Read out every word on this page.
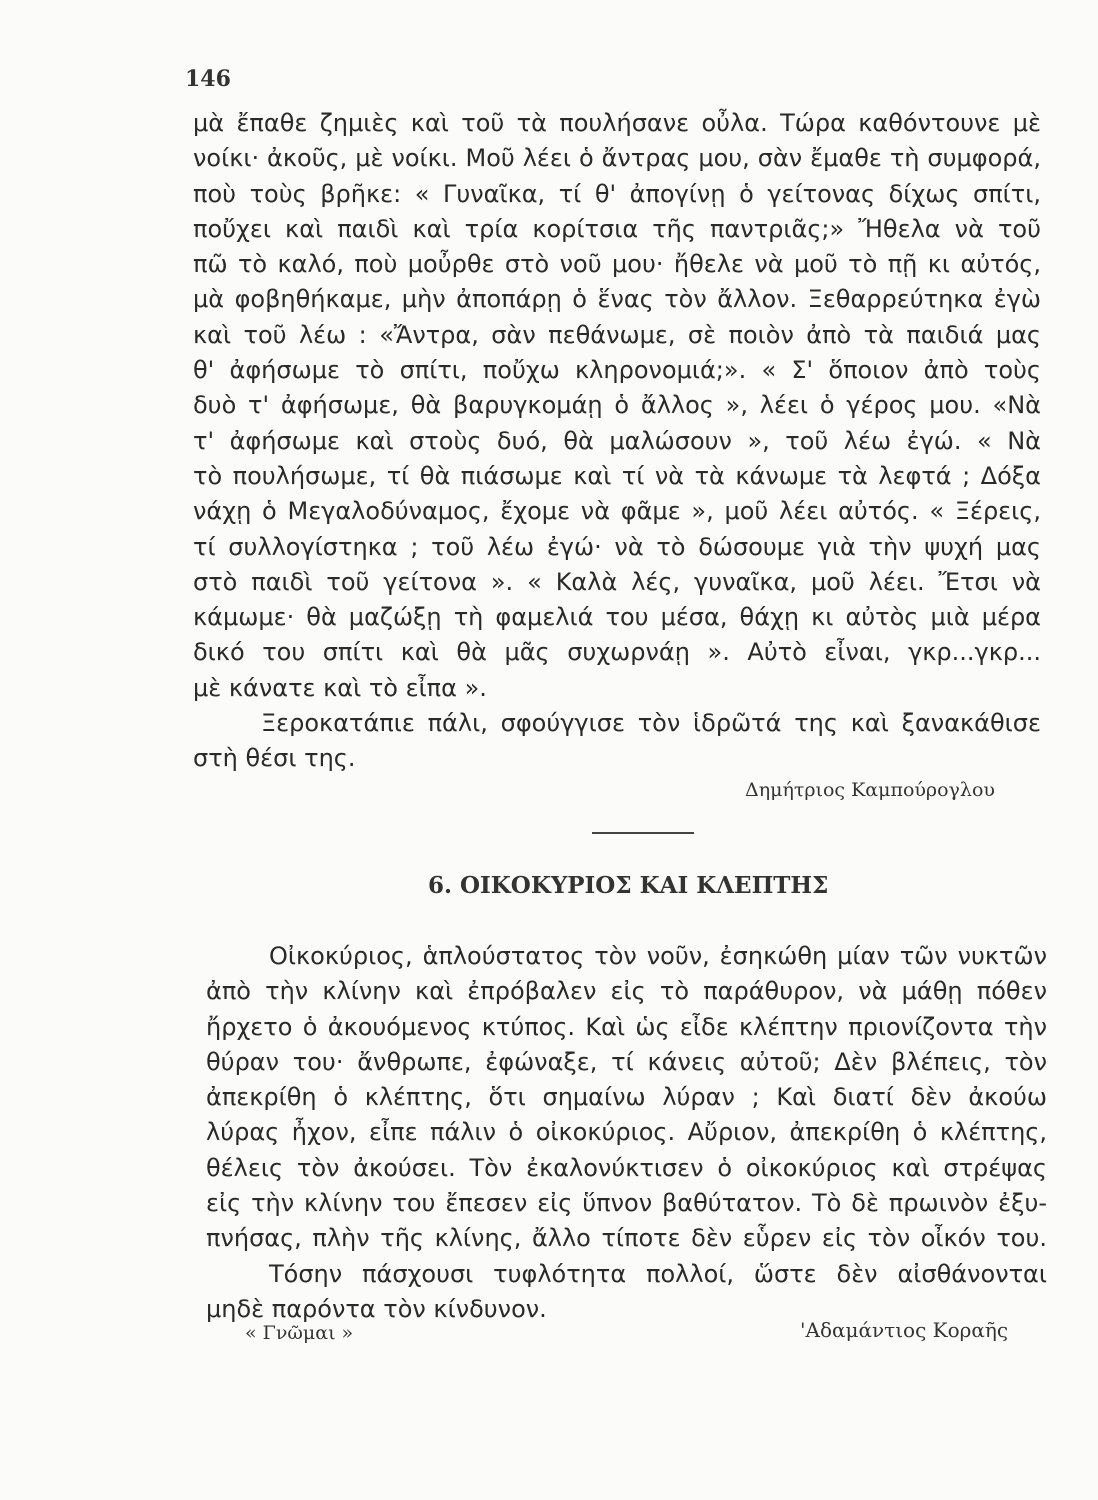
146
μὰ ἔπαθε ζημιὲς καὶ τοῦ τὰ πουλήσανε οὖλα. Τώρα καθόντουνε μὲ
νοίκι· ἀκοῦς, μὲ νοίκι. Μοῦ λέει ὁ ἄντρας μου, σὰν ἔμαθε τὴ συμφορά,
ποὺ τοὺς βρῆκε: « Γυναῖκα, τί θ' ἀπογίνῃ ὁ γείτονας δίχως σπίτι,
ποὔχει καὶ παιδὶ καὶ τρία κορίτσια τῆς παντριᾶς;» Ἤθελα νὰ τοῦ
πῶ τὸ καλό, ποὺ μοὖρθε στὸ νοῦ μου· ἤθελε νὰ μοῦ τὸ πῇ κι αὐτός,
μὰ φοβηθήκαμε, μὴν ἀποπάρῃ ὁ ἕνας τὸν ἄλλον. Ξεθαρρεύτηκα ἐγὼ
καὶ τοῦ λέω : «Ἄντρα, σὰν πεθάνωμε, σὲ ποιὸν ἀπὸ τὰ παιδιά μας
θ' ἀφήσωμε τὸ σπίτι, ποὔχω κληρονομιά;». « Σ' ὅποιον ἀπὸ τοὺς
δυὸ τ' ἀφήσωμε, θὰ βαρυγκομάῃ ὁ ἄλλος », λέει ὁ γέρος μου. «Νὰ
τ' ἀφήσωμε καὶ στοὺς δυό, θὰ μαλώσουν », τοῦ λέω ἐγώ. « Νὰ
τὸ πουλήσωμε, τί θὰ πιάσωμε καὶ τί νὰ τὰ κάνωμε τὰ λεφτά ; Δόξα
νάχῃ ὁ Μεγαλοδύναμος, ἔχομε νὰ φᾶμε », μοῦ λέει αὐτός. « Ξέρεις,
τί συλλογίστηκα ; τοῦ λέω ἐγώ· νὰ τὸ δώσουμε γιὰ τὴν ψυχή μας
στὸ παιδὶ τοῦ γείτονα ». « Καλὰ λές, γυναῖκα, μοῦ λέει. Ἔτσι νὰ
κάμωμε· θὰ μαζώξῃ τὴ φαμελιά του μέσα, θάχῃ κι αὐτὸς μιὰ μέρα
δικό του σπίτι καὶ θὰ μᾶς συχωρνάῃ ». Αὐτὸ εἶναι, γκρ...γκρ...
μὲ κάνατε καὶ τὸ εἶπα ».
Ξεροκατάπιε πάλι, σφούγγισε τὸν ἱδρῶτά της καὶ ξανακάθισε
στὴ θέσι της.
Δημήτριος Καμπούρογλου
6. ΟΙΚΟΚΥΡΙΟΣ ΚΑΙ ΚΛΕΠΤΗΣ
Οἰκοκύριος, ἁπλούστατος τὸν νοῦν, ἐσηκώθη μίαν τῶν νυκτῶν
ἀπὸ τὴν κλίνην καὶ ἐπρόβαλεν εἰς τὸ παράθυρον, νὰ μάθῃ πόθεν
ἤρχετο ὁ ἀκουόμενος κτύπος. Καὶ ὡς εἶδε κλέπτην πριονίζοντα τὴν
θύραν του· ἄνθρωπε, ἐφώναξε, τί κάνεις αὐτοῦ; Δὲν βλέπεις, τὸν
ἀπεκρίθη ὁ κλέπτης, ὅτι σημαίνω λύραν ; Καὶ διατί δὲν ἀκούω
λύρας ἦχον, εἶπε πάλιν ὁ οἰκοκύριος. Αὔριον, ἀπεκρίθη ὁ κλέπτης,
θέλεις τὸν ἀκούσει. Τὸν ἐκαλονύκτισεν ὁ οἰκοκύριος καὶ στρέψας
εἰς τὴν κλίνην του ἔπεσεν εἰς ὕπνον βαθύτατον. Τὸ δὲ πρωινὸν ἐξυ-
πνήσας, πλὴν τῆς κλίνης, ἄλλο τίποτε δὲν εὗρεν εἰς τὸν οἶκόν του.
Τόσην πάσχουσι τυφλότητα πολλοί, ὥστε δὲν αἰσθάνονται
μηδὲ παρόντα τὸν κίνδυνον.
« Γνῶμαι »	'Αδαμάντιος Κοραῆς
